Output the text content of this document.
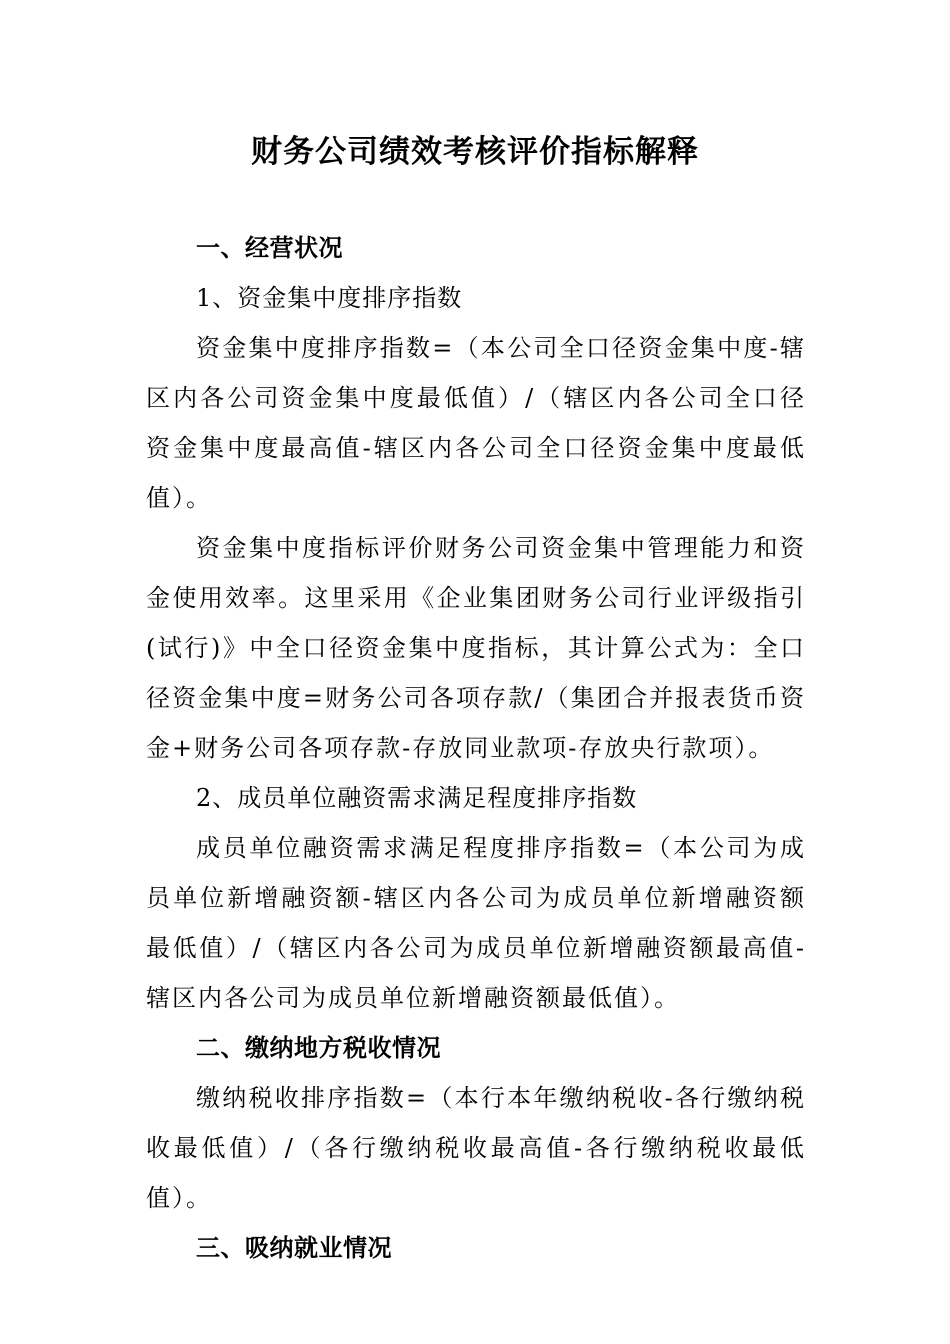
财务公司绩效考核评价指标解释

一、经营状况

1、资金集中度排序指数

资金集中度排序指数=（本公司全口径资金集中度-辖区内各公司资金集中度最低值）/（辖区内各公司全口径资金集中度最高值-辖区内各公司全口径资金集中度最低值）。

资金集中度指标评价财务公司资金集中管理能力和资金使用效率。这里采用《企业集团财务公司行业评级指引(试行)》中全口径资金集中度指标，其计算公式为：全口径资金集中度=财务公司各项存款/（集团合并报表货币资金+财务公司各项存款-存放同业款项-存放央行款项）。

2、成员单位融资需求满足程度排序指数

成员单位融资需求满足程度排序指数=（本公司为成员单位新增融资额-辖区内各公司为成员单位新增融资额最低值）/（辖区内各公司为成员单位新增融资额最高值-辖区内各公司为成员单位新增融资额最低值）。

二、缴纳地方税收情况

缴纳税收排序指数=（本行本年缴纳税收-各行缴纳税收最低值）/（各行缴纳税收最高值-各行缴纳税收最低值）。

三、吸纳就业情况
